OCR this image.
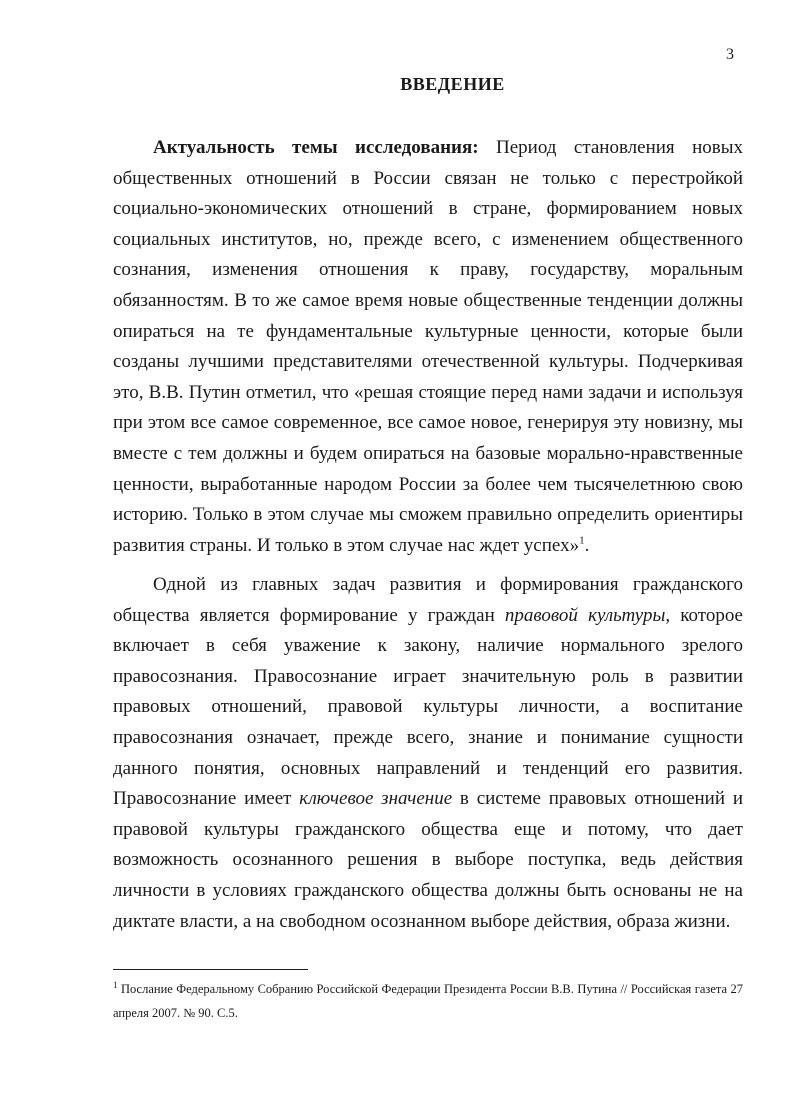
3
ВВЕДЕНИЕ

Актуальность темы исследования: Период становления новых общественных отношений в России связан не только с перестройкой социально-экономических отношений в стране, формированием новых социальных институтов, но, прежде всего, с изменением общественного сознания, изменения отношения к праву, государству, моральным обязанностям. В то же самое время новые общественные тенденции должны опираться на те фундаментальные культурные ценности, которые были созданы лучшими представителями отечественной культуры. Подчеркивая это, В.В. Путин отметил, что «решая стоящие перед нами задачи и используя при этом все самое современное, все самое новое, генерируя эту новизну, мы вместе с тем должны и будем опираться на базовые морально-нравственные ценности, выработанные народом России за более чем тысячелетнюю свою историю. Только в этом случае мы сможем правильно определить ориентиры развития страны. И только в этом случае нас ждет успех»$^1$.

Одной из главных задач развития и формирования гражданского общества является формирование у граждан правовой культуры, которое включает в себя уважение к закону, наличие нормального зрелого правосознания. Правосознание играет значительную роль в развитии правовых отношений, правовой культуры личности, а воспитание правосознания означает, прежде всего, знание и понимание сущности данного понятия, основных направлений и тенденций его развития. Правосознание имеет ключевое значение в системе правовых отношений и правовой культуры гражданского общества еще и потому, что дает возможность осознанного решения в выборе поступка, ведь действия личности в условиях гражданского общества должны быть основаны не на диктате власти, а на свободном осознанном выборе действия, образа жизни.

$^1$ Послание Федеральному Собранию Российской Федерации Президента России В.В. Путина // Российская газета 27 апреля 2007. № 90. С.5.
